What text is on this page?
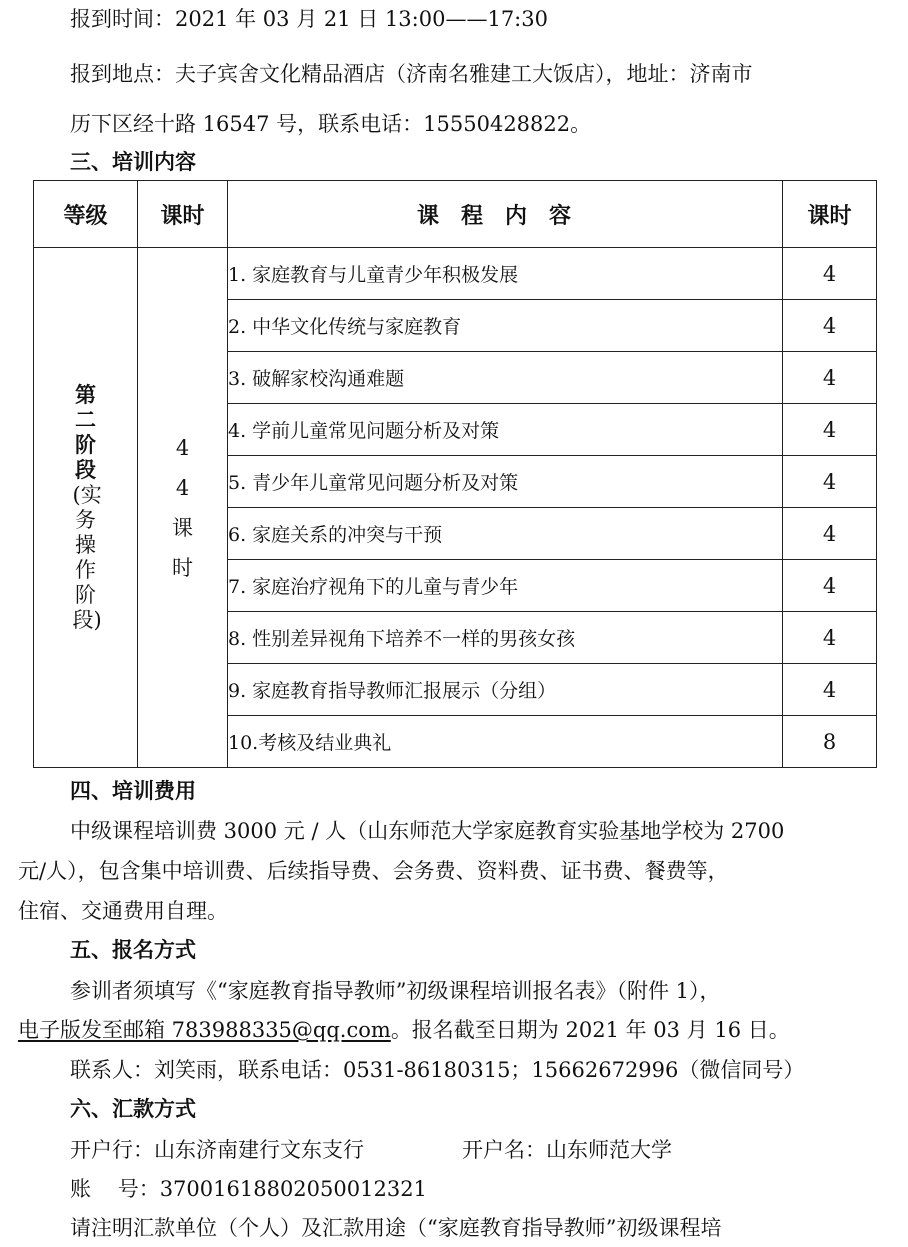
报到时间：2021 年 03 月 21 日 13:00——17:30
报到地点：夫子宾舍文化精品酒店（济南名雅建工大饭店），地址：济南市
历下区经十路 16547 号，联系电话：15550428822。
三、培训内容
等级	课时	课程内容	课时
第二阶段(实务操作阶段)	44课时	1. 家庭教育与儿童青少年积极发展	4
		2. 中华文化传统与家庭教育	4
		3. 破解家校沟通难题	4
		4. 学前儿童常见问题分析及对策	4
		5. 青少年儿童常见问题分析及对策	4
		6. 家庭关系的冲突与干预	4
		7. 家庭治疗视角下的儿童与青少年	4
		8. 性别差异视角下培养不一样的男孩女孩	4
		9. 家庭教育指导教师汇报展示（分组）	4
		10.考核及结业典礼	8
四、培训费用
中级课程培训费 3000 元 / 人（山东师范大学家庭教育实验基地学校为 2700
元/人），包含集中培训费、后续指导费、会务费、资料费、证书费、餐费等，
住宿、交通费用自理。
五、报名方式
参训者须填写《“家庭教育指导教师”初级课程培训报名表》（附件 1），
电子版发至邮箱 783988335@qq.com。报名截至日期为 2021 年 03 月 16 日。
联系人：刘笑雨，联系电话：0531-86180315；15662672996（微信同号）
六、汇款方式
开户行：山东济南建行文东支行	开户名：山东师范大学
账    号：37001618802050012321
请注明汇款单位（个人）及汇款用途（“家庭教育指导教师”初级课程培
